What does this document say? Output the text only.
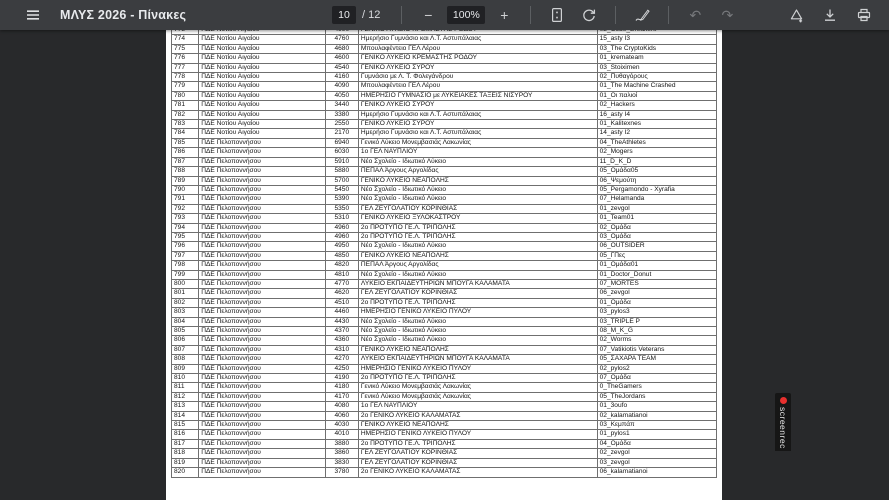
ΜΛΥΣ 2026 - Πίνακες
10	/ 12	−
100%	+	↶	↷

774	ΠΔΕ Νοτίου Αιγαίου	4760	Ημερήσιο Γυμνάσιο και Λ.Τ. Αστυπάλαιας	15_asty I3
775	ΠΔΕ Νοτίου Αιγαίου	4680	Μπουλαφέντειο ΓΕΛ Λέρου	03_The CryptoKids
776	ΠΔΕ Νοτίου Αιγαίου	4600	ΓΕΝΙΚΟ ΛΥΚΕΙΟ ΚΡΕΜΑΣΤΗΣ ΡΟΔΟΥ	01_kremateam
777	ΠΔΕ Νοτίου Αιγαίου	4540	ΓΕΝΙΚΟ ΛΥΚΕΙΟ ΣΥΡΟΥ	03_Stoiximen
778	ΠΔΕ Νοτίου Αιγαίου	4160	Γυμνάσιο με Λ. Τ. Φολεγάνδρου	02_Πυθαγόρους
779	ΠΔΕ Νοτίου Αιγαίου	4090	Μπουλαφέντειο ΓΕΛ Λέρου	01_The Machine Crashed
780	ΠΔΕ Νοτίου Αιγαίου	4050	ΗΜΕΡΗΣΙΟ ΓΥΜΝΑΣΙΟ με ΛΥΚΕΙΑΚΕΣ ΤΑΞΕΙΣ ΝΙΣΥΡΟΥ	01_Οι παλιοί
781	ΠΔΕ Νοτίου Αιγαίου	3440	ΓΕΝΙΚΟ ΛΥΚΕΙΟ ΣΥΡΟΥ	02_Hackers
782	ΠΔΕ Νοτίου Αιγαίου	3380	Ημερήσιο Γυμνάσιο και Λ.Τ. Αστυπάλαιας	16_asty I4
783	ΠΔΕ Νοτίου Αιγαίου	2550	ΓΕΝΙΚΟ ΛΥΚΕΙΟ ΣΥΡΟΥ	01_Kalitexnes
784	ΠΔΕ Νοτίου Αιγαίου	2170	Ημερήσιο Γυμνάσιο και Λ.Τ. Αστυπάλαιας	14_asty I2
785	ΠΔΕ Πελοποννήσου	6940	Γενικό Λύκειο Μονεμβασιάς Λακωνίας	04_TheAthletes
786	ΠΔΕ Πελοποννήσου	6030	1ο ΓΕΛ ΝΑΥΠΛΙΟΥ	02_Mogers
787	ΠΔΕ Πελοποννήσου	5910	Νέο Σχολείο - Ιδιωτικό Λύκειο	11_D_K_D
788	ΠΔΕ Πελοποννήσου	5880	ΠΕΠΑΛ Άργους Αργολίδας	05_Ομάδα05
789	ΠΔΕ Πελοποννήσου	5700	ΓΕΝΙΚΟ ΛΥΚΕΙΟ ΝΕΑΠΟΛΗΣ	06_Ψεμούτη
790	ΠΔΕ Πελοποννήσου	5450	Νέο Σχολείο - Ιδιωτικό Λύκειο	05_Pergamondo - Xyrafia
791	ΠΔΕ Πελοποννήσου	5390	Νέο Σχολείο - Ιδιωτικό Λύκειο	07_Helamanda
792	ΠΔΕ Πελοποννήσου	5350	ΓΕΛ ΖΕΥΓΟΛΑΤΙΟΥ ΚΟΡΙΝΘΙΑΣ	01_zevgol
793	ΠΔΕ Πελοποννήσου	5310	ΓΕΝΙΚΟ ΛΥΚΕΙΟ ΞΥΛΟΚΑΣΤΡΟΥ	01_Team01
794	ΠΔΕ Πελοποννήσου	4960	2ο ΠΡΟΤΥΠΟ ΓΕ.Λ. ΤΡΙΠΟΛΗΣ	02_Ομάδα
795	ΠΔΕ Πελοποννήσου	4960	2ο ΠΡΟΤΥΠΟ ΓΕ.Λ. ΤΡΙΠΟΛΗΣ	03_Ομάδα
796	ΠΔΕ Πελοποννήσου	4950	Νέο Σχολείο - Ιδιωτικό Λύκειο	06_OUTSIDER
797	ΠΔΕ Πελοποννήσου	4850	ΓΕΝΙΚΟ ΛΥΚΕΙΟ ΝΕΑΠΟΛΗΣ	05_ΓΠες
798	ΠΔΕ Πελοποννήσου	4820	ΠΕΠΑΛ Άργους Αργολίδας	01_Ομάδα01
799	ΠΔΕ Πελοποννήσου	4810	Νέο Σχολείο - Ιδιωτικό Λύκειο	01_Doctor_Donut
800	ΠΔΕ Πελοποννήσου	4770	ΛΥΚΕΙΟ ΕΚΠΑΙΔΕΥΤΗΡΙΩΝ ΜΠΟΥΓΑ ΚΑΛΑΜΑΤΑ	07_MORTES
801	ΠΔΕ Πελοποννήσου	4620	ΓΕΛ ΖΕΥΓΟΛΑΤΙΟΥ ΚΟΡΙΝΘΙΑΣ	06_zevgol
802	ΠΔΕ Πελοποννήσου	4510	2ο ΠΡΟΤΥΠΟ ΓΕ.Λ. ΤΡΙΠΟΛΗΣ	01_Ομάδα
803	ΠΔΕ Πελοποννήσου	4460	ΗΜΕΡΗΣΙΟ ΓΕΝΙΚΟ ΛΥΚΕΙΟ ΠΥΛΟΥ	03_pylos3
804	ΠΔΕ Πελοποννήσου	4430	Νέο Σχολείο - Ιδιωτικό Λύκειο	03_TRIPLE P
805	ΠΔΕ Πελοποννήσου	4370	Νέο Σχολείο - Ιδιωτικό Λύκειο	08_M_K_G
806	ΠΔΕ Πελοποννήσου	4360	Νέο Σχολείο - Ιδιωτικό Λύκειο	02_Worms
807	ΠΔΕ Πελοποννήσου	4310	ΓΕΝΙΚΟ ΛΥΚΕΙΟ ΝΕΑΠΟΛΗΣ	07_Vatikiotis Veterans
808	ΠΔΕ Πελοποννήσου	4270	ΛΥΚΕΙΟ ΕΚΠΑΙΔΕΥΤΗΡΙΩΝ ΜΠΟΥΓΑ ΚΑΛΑΜΑΤΑ	05_ΣΑΧΑΡΑ TEAM
809	ΠΔΕ Πελοποννήσου	4250	ΗΜΕΡΗΣΙΟ ΓΕΝΙΚΟ ΛΥΚΕΙΟ ΠΥΛΟΥ	02_pylos2
810	ΠΔΕ Πελοποννήσου	4190	2ο ΠΡΟΤΥΠΟ ΓΕ.Λ. ΤΡΙΠΟΛΗΣ	07_Ομάδα
811	ΠΔΕ Πελοποννήσου	4180	Γενικό Λύκειο Μονεμβασιάς Λακωνίας	0_TheGamers
812	ΠΔΕ Πελοποννήσου	4170	Γενικό Λύκειο Μονεμβασιάς Λακωνίας	05_TheJordans
813	ΠΔΕ Πελοποννήσου	4080	1ο ΓΕΛ ΝΑΥΠΛΙΟΥ	01_3oufo
814	ΠΔΕ Πελοποννήσου	4060	2ο ΓΕΝΙΚΟ ΛΥΚΕΙΟ ΚΑΛΑΜΑΤΑΣ	02_kalamatianoi
815	ΠΔΕ Πελοποννήσου	4030	ΓΕΝΙΚΟ ΛΥΚΕΙΟ ΝΕΑΠΟΛΗΣ	03_Κεμπάπ
816	ΠΔΕ Πελοποννήσου	4010	ΗΜΕΡΗΣΙΟ ΓΕΝΙΚΟ ΛΥΚΕΙΟ ΠΥΛΟΥ	01_pylos1
817	ΠΔΕ Πελοποννήσου	3880	2ο ΠΡΟΤΥΠΟ ΓΕ.Λ. ΤΡΙΠΟΛΗΣ	04_Ομάδα
818	ΠΔΕ Πελοποννήσου	3860	ΓΕΛ ΖΕΥΓΟΛΑΤΙΟΥ ΚΟΡΙΝΘΙΑΣ	02_zevgol
819	ΠΔΕ Πελοποννήσου	3830	ΓΕΛ ΖΕΥΓΟΛΑΤΙΟΥ ΚΟΡΙΝΘΙΑΣ	03_zevgol
820	ΠΔΕ Πελοποννήσου	3780	2ο ΓΕΝΙΚΟ ΛΥΚΕΙΟ ΚΑΛΑΜΑΤΑΣ	06_kalamatianoi
screenrec
